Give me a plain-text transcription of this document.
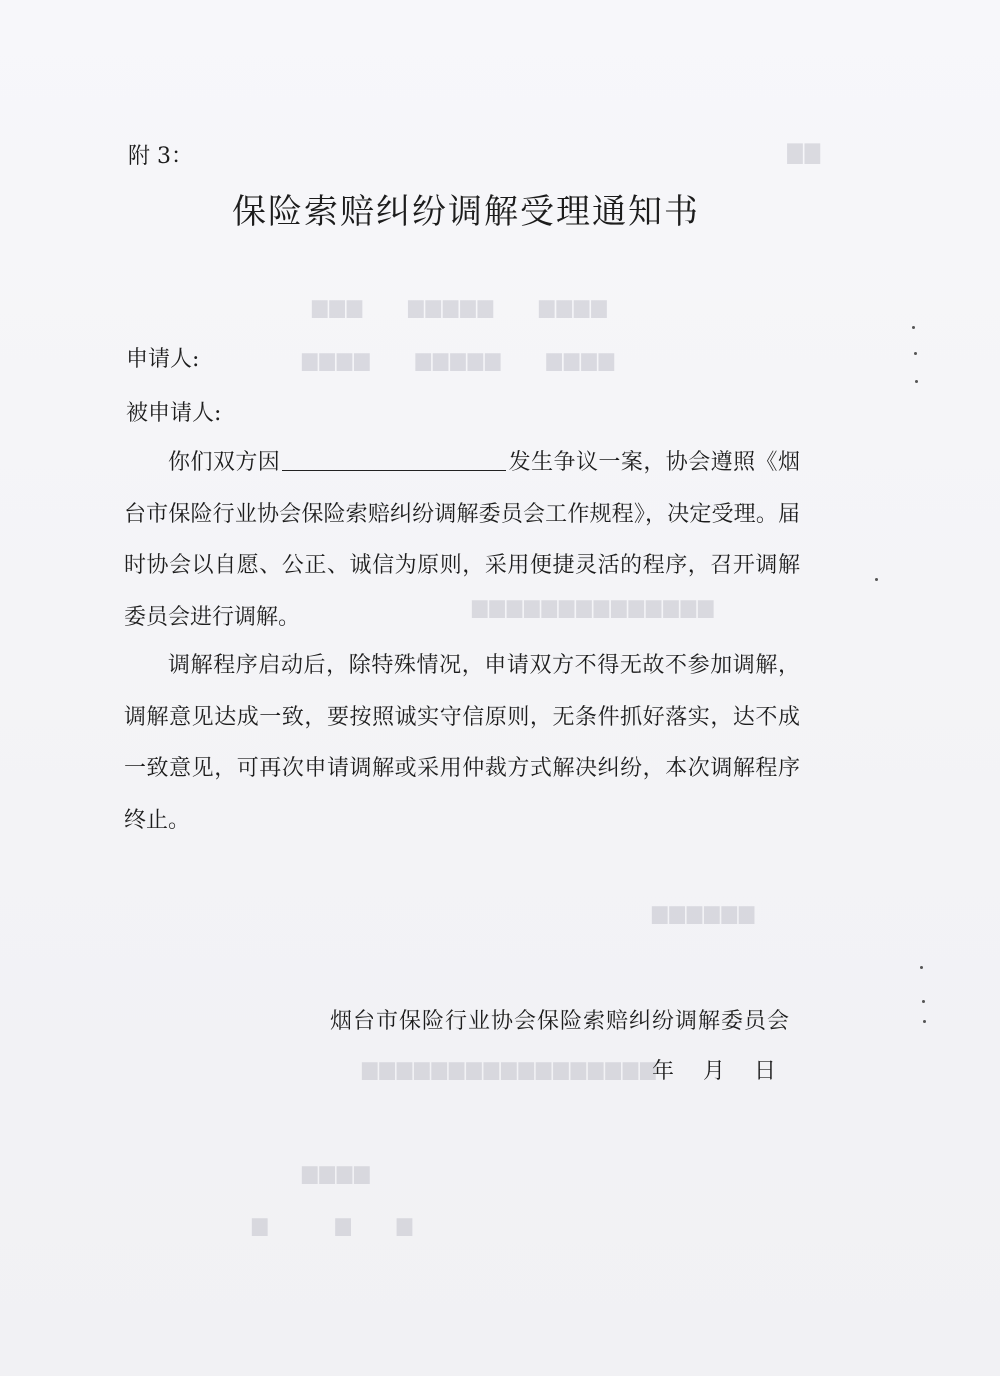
▇▇
▆▆▆▆　　▆▆▆▆▆　　▆▆▆
▆▆▆▆　　▆▆▆▆▆　　▆▆▆▆
▆▆▆▆▆▆▆▆▆▆▆▆▆▆
▆▆▆▆▆▆
▆▆▆▆▆▆▆▆▆▆▆▆▆▆▆▆▆
▆▆▆▆
▆　　▆　　　▆
附 3：
保险索赔纠纷调解受理通知书
申请人:
被申请人:

你们双方因	发生争议一案，协会遵照《烟台市保险行业协会保险索赔纠纷调解委员会工作规程》，决定受理。届时协会以自愿、公正、诚信为原则，采用便捷灵活的程序，召开调解委员会进行调解。

调解程序启动后，除特殊情况，申请双方不得无故不参加调解，调解意见达成一致，要按照诚实守信原则，无条件抓好落实，达不成一致意见，可再次申请调解或采用仲裁方式解决纠纷，本次调解程序终止。

烟台市保险行业协会保险索赔纠纷调解委员会
年 月 日
